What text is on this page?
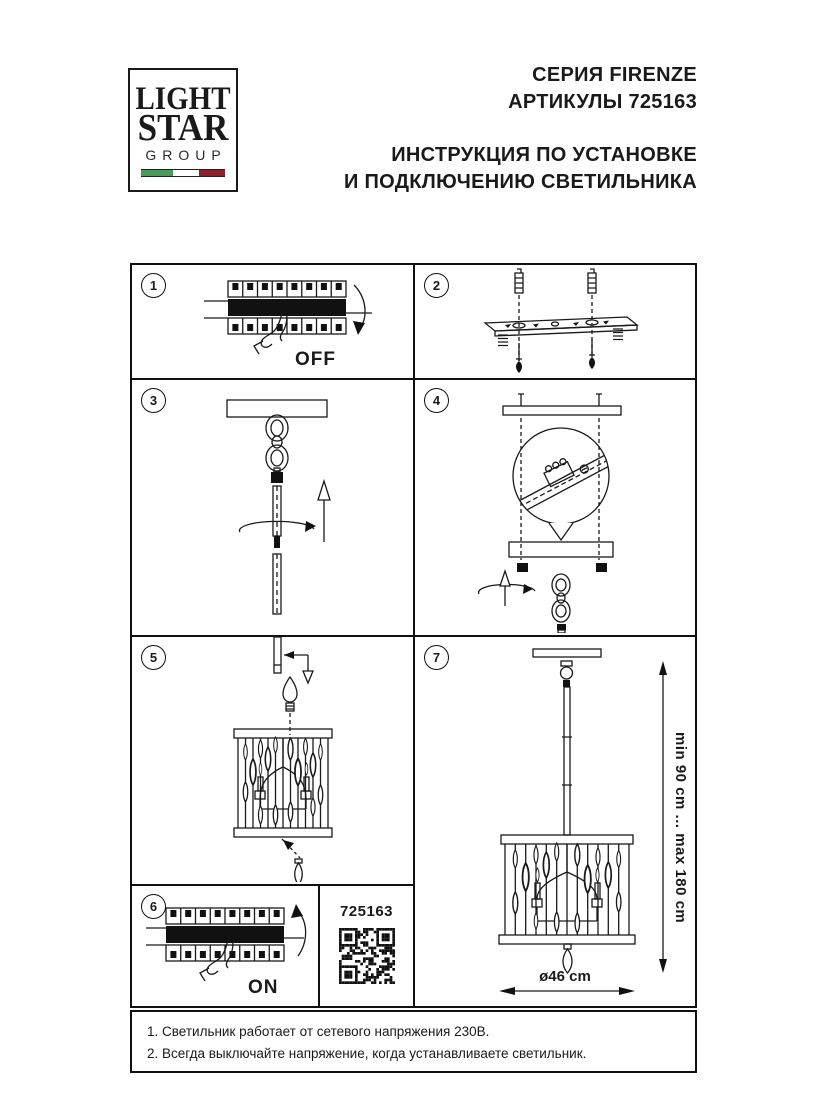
LIGHT
STAR
GROUP
СЕРИЯ FIRENZE
АРТИКУЛЫ 725163
ИНСТРУКЦИЯ ПО УСТАНОВКЕ
И ПОДКЛЮЧЕНИЮ СВЕТИЛЬНИКА
1
OFF
2
3	4
5	7
min 90 cm ... max 180 cm
ø46 cm
6
ON
725163
1. Светильник работает от сетевого напряжения 230В.
2. Всегда выключайте напряжение, когда устанавливаете светильник.
